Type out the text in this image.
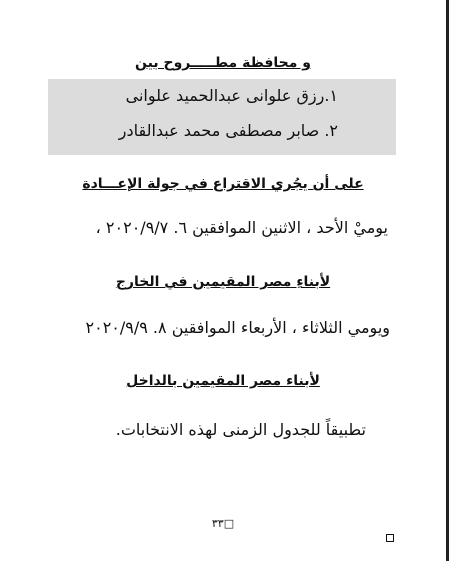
و محافظة مطـــــروح بين
١.رزق علوانى عبدالحميد علوانى
٢. صابر مصطفى محمد عبدالقادر
على أن يجُري الاقتراع في جولة الإعـــادة
يوميْ الأحد ، الاثنين الموافقين ٦. ٢٠٢٠/٩/٧ ،
لأبناءِ مصر المقيمين في الخارج
ويومي الثلاثاء ، الأربعاء الموافقين ٨. ٢٠٢٠/٩/٩
لأبناء مصر المقيمين بالداخل
تطبيقاً للجدول الزمنى لهذه الانتخابات.
□٣٣
